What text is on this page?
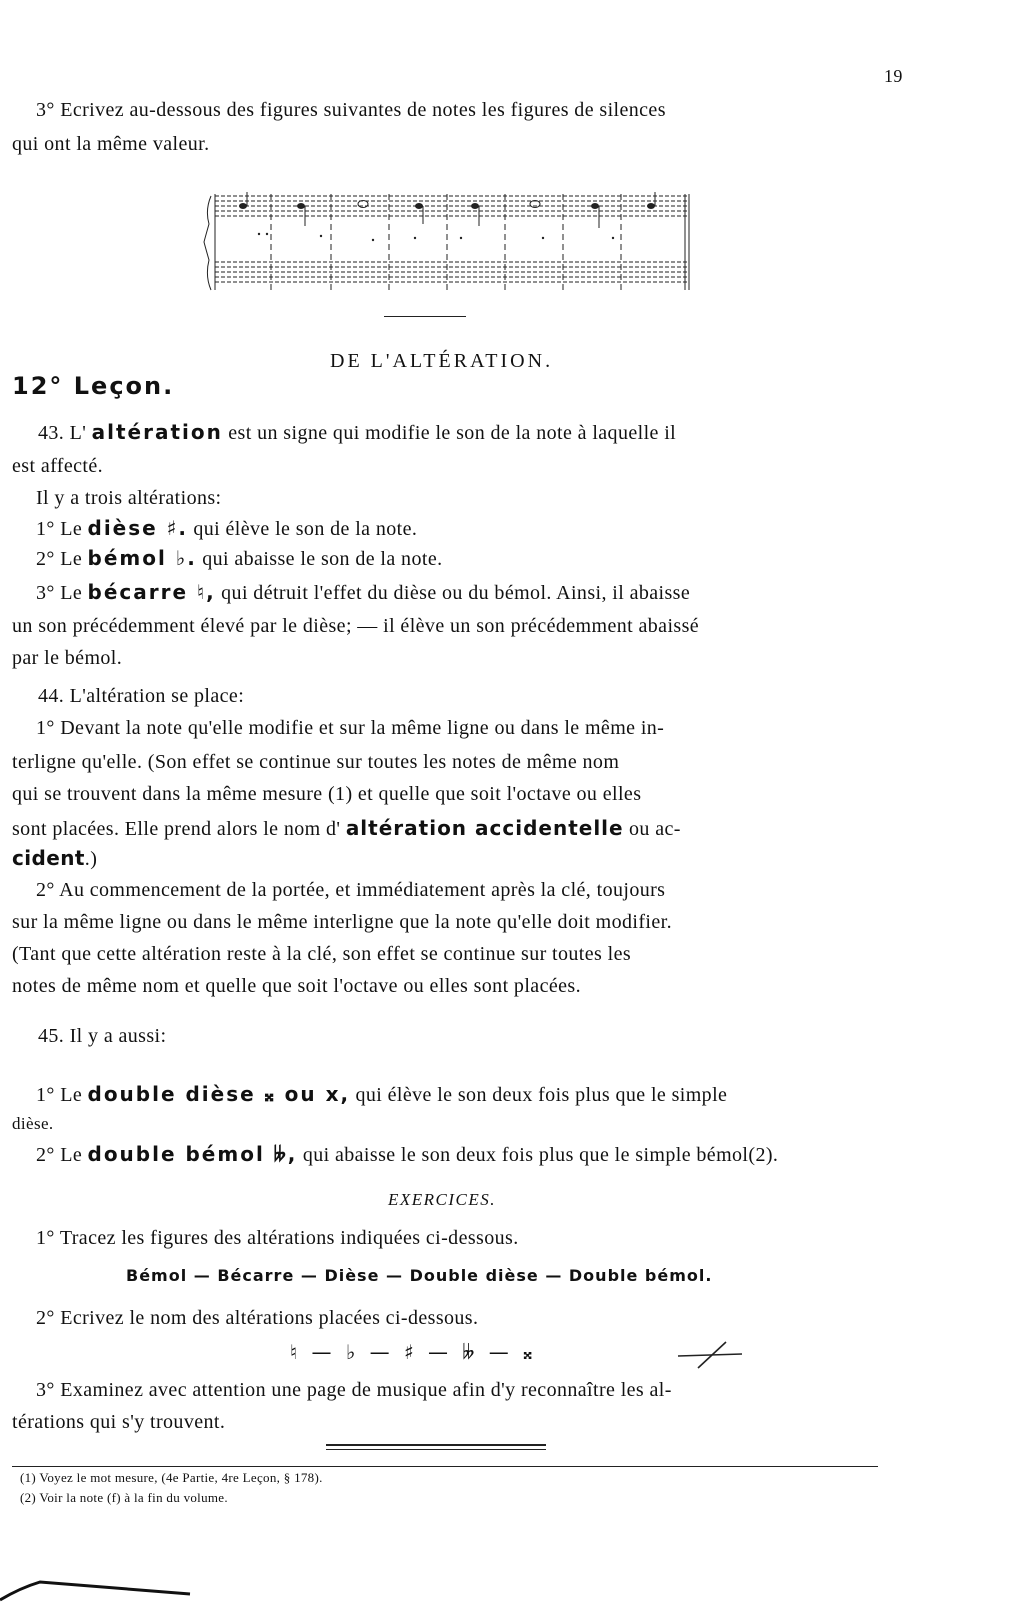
19
3° Ecrivez au-dessous des figures suivantes de notes les figures de silences
qui ont la même valeur.
DE L'ALTÉRATION.
12° Leçon.
43. L' altération est un signe qui modifie le son de la note à laquelle il
est affecté.
Il y a trois altérations:
1° Le dièse ♯. qui élève le son de la note.
2° Le bémol ♭. qui abaisse le son de la note.
3° Le bécarre ♮, qui détruit l'effet du dièse ou du bémol. Ainsi, il abaisse
un son précédemment élevé par le dièse; — il élève un son précédemment abaissé
par le bémol.
44. L'altération se place:
1° Devant la note qu'elle modifie et sur la même ligne ou dans le même in-
terligne qu'elle. (Son effet se continue sur toutes les notes de même nom
qui se trouvent dans la même mesure (1) et quelle que soit l'octave ou elles
sont placées. Elle prend alors le nom d' altération accidentelle ou ac-
cident.)
2° Au commencement de la portée, et immédiatement après la clé, toujours
sur la même ligne ou dans le même interligne que la note qu'elle doit modifier.
(Tant que cette altération reste à la clé, son effet se continue sur toutes les
notes de même nom et quelle que soit l'octave ou elles sont placées.
45. Il y a aussi:
1° Le double dièse 𝄪 ou x, qui élève le son deux fois plus que le simple
dièse.
2° Le double bémol 𝄫, qui abaisse le son deux fois plus que le simple bémol(2).
EXERCICES.
1° Tracez les figures des altérations indiquées ci-dessous.
Bémol — Bécarre — Dièse — Double dièse — Double bémol.
2° Ecrivez le nom des altérations placées ci-dessous.
♮ — ♭ — ♯ — 𝄫 — 𝄪
3° Examinez avec attention une page de musique afin d'y reconnaître les al-
térations qui s'y trouvent.
(1) Voyez le mot mesure, (4e Partie, 4re Leçon, § 178).
(2) Voir la note (f) à la fin du volume.
